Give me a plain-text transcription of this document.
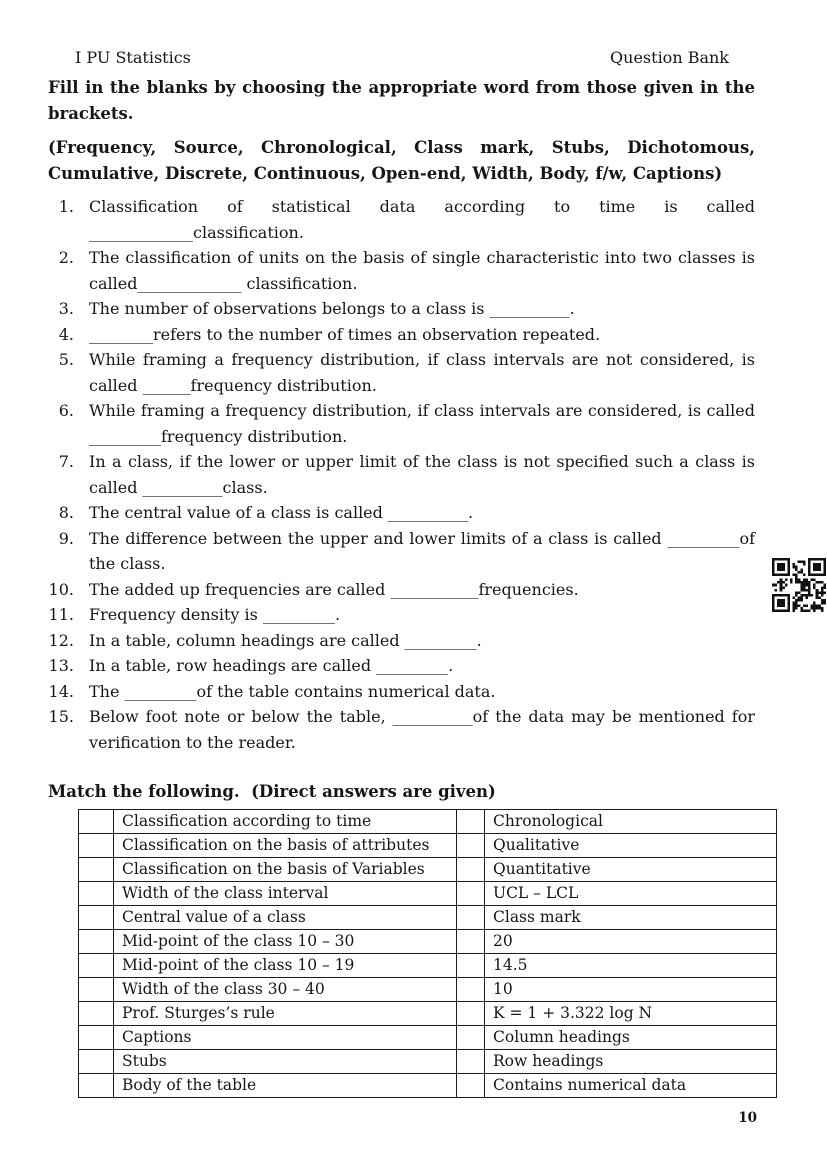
I PU Statistics	Question Bank

Fill in the blanks by choosing the appropriate word from those given in the brackets.

(Frequency, Source, Chronological, Class mark, Stubs, Dichotomous, Cumulative, Discrete, Continuous, Open-end, Width, Body, f/w, Captions)

1. Classification of statistical data according to time is called _____________classification.
2. The classification of units on the basis of single characteristic into two classes is called_____________ classification.
3. The number of observations belongs to a class is __________.
4. ________refers to the number of times an observation repeated.
5. While framing a frequency distribution, if class intervals are not considered, is called ______frequency distribution.
6. While framing a frequency distribution, if class intervals are considered, is called _________frequency distribution.
7. In a class, if the lower or upper limit of the class is not specified such a class is called __________class.
8. The central value of a class is called __________.
9. The difference between the upper and lower limits of a class is called _________of the class.
10. The added up frequencies are called ___________frequencies.
11. Frequency density is _________.
12. In a table, column headings are called _________.
13. In a table, row headings are called _________.
14. The _________of the table contains numerical data.
15. Below foot note or below the table, __________of the data may be mentioned for verification to the reader.

Match the following.  (Direct answers are given)

	Classification according to time		Chronological
	Classification on the basis of attributes		Qualitative
	Classification on the basis of Variables		Quantitative
	Width of the class interval		UCL – LCL
	Central value of a class		Class mark
	Mid-point of the class 10 – 30		20
	Mid-point of the class 10 – 19		14.5
	Width of the class 30 – 40		10
	Prof. Sturges’s rule		K = 1 + 3.322 log N
	Captions		Column headings
	Stubs		Row headings
	Body of the table		Contains numerical data
10
